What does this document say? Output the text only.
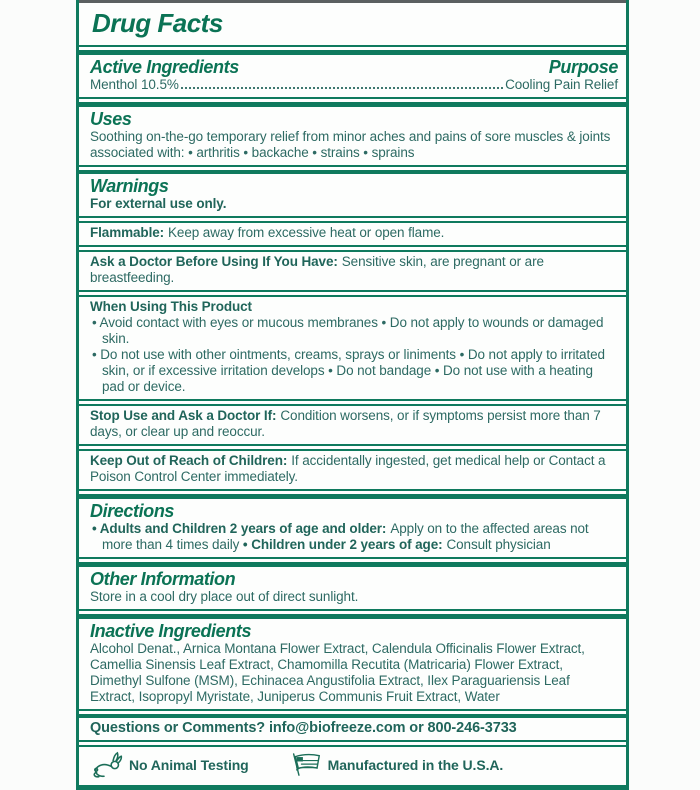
Drug Facts
Active Ingredients	Purpose
Menthol 10.5%	Cooling Pain Relief
Uses

Soothing on-the-go temporary relief from minor aches and pains of sore muscles & joints associated with: • arthritis • backache • strains • sprains

Warnings

For external use only.

Flammable: Keep away from excessive heat or open flame.

Ask a Doctor Before Using If You Have: Sensitive skin, are pregnant or are breastfeeding.

When Using This Product

• Avoid contact with eyes or mucous membranes • Do not apply to wounds or damaged skin.

• Do not use with other ointments, creams, sprays or liniments • Do not apply to irritated skin, or if excessive irritation develops • Do not bandage • Do not use with a heating pad or device.

Stop Use and Ask a Doctor If: Condition worsens, or if symptoms persist more than 7 days, or clear up and reoccur.

Keep Out of Reach of Children: If accidentally ingested, get medical help or Contact a Poison Control Center immediately.

Directions

• Adults and Children 2 years of age and older: Apply on to the affected areas not more than 4 times daily • Children under 2 years of age: Consult physician

Other Information

Store in a cool dry place out of direct sunlight.

Inactive Ingredients

Alcohol Denat., Arnica Montana Flower Extract, Calendula Officinalis Flower Extract, Camellia Sinensis Leaf Extract, Chamomilla Recutita (Matricaria) Flower Extract, Dimethyl Sulfone (MSM), Echinacea Angustifolia Extract, Ilex Paraguariensis Leaf Extract, Isopropyl Myristate, Juniperus Communis Fruit Extract, Water

Questions or Comments? info@biofreeze.com or 800-246-3733

No Animal Testing	Manufactured in the U.S.A.
